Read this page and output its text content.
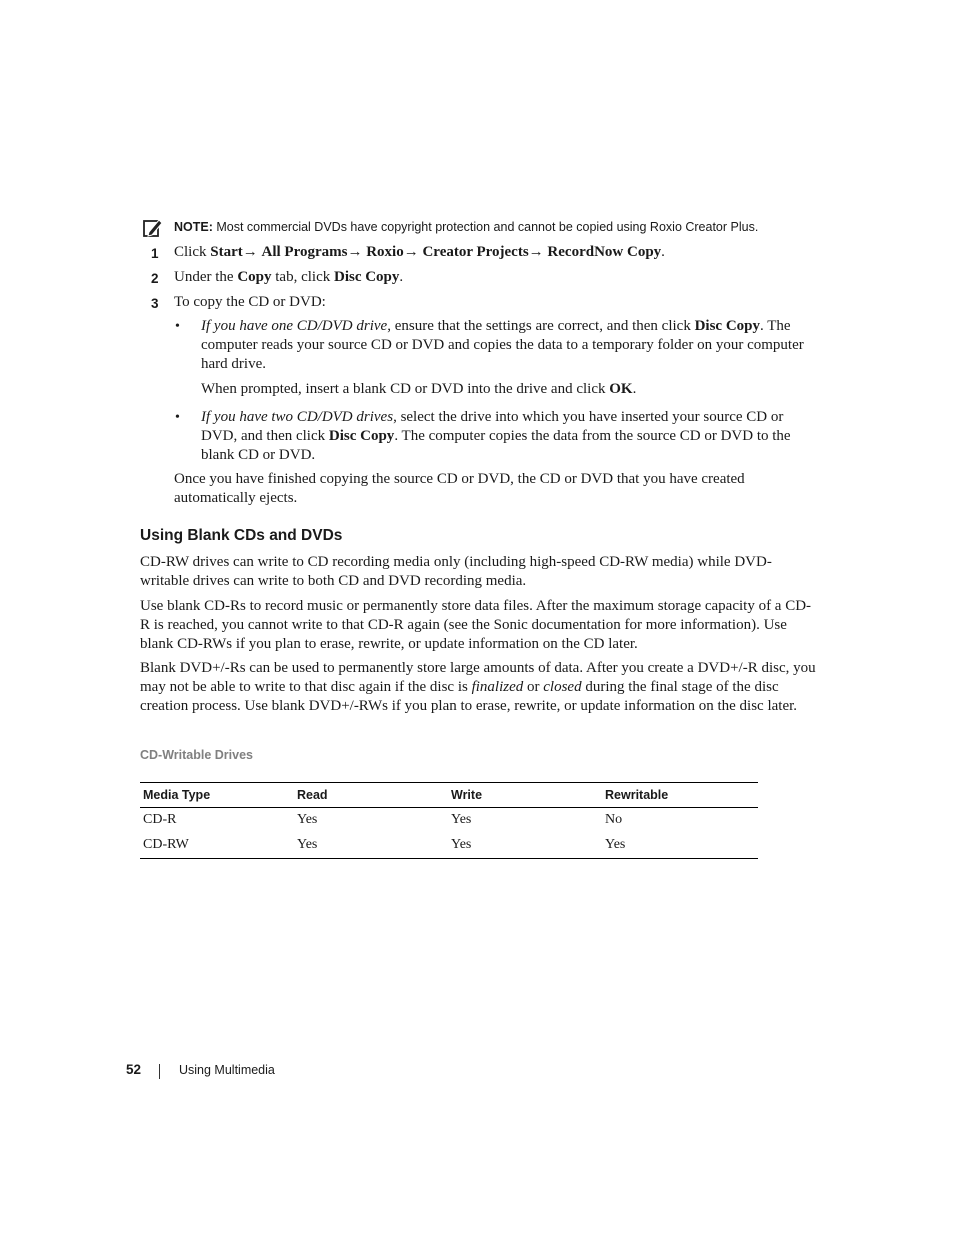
NOTE: Most commercial DVDs have copyright protection and cannot be copied using Roxio Creator Plus.
1 Click Start→ All Programs→ Roxio→ Creator Projects→ RecordNow Copy.
2 Under the Copy tab, click Disc Copy.
3 To copy the CD or DVD:
• If you have one CD/DVD drive, ensure that the settings are correct, and then click Disc Copy. The computer reads your source CD or DVD and copies the data to a temporary folder on your computer hard drive.
When prompted, insert a blank CD or DVD into the drive and click OK.
• If you have two CD/DVD drives, select the drive into which you have inserted your source CD or DVD, and then click Disc Copy. The computer copies the data from the source CD or DVD to the blank CD or DVD.
Once you have finished copying the source CD or DVD, the CD or DVD that you have created automatically ejects.
Using Blank CDs and DVDs
CD-RW drives can write to CD recording media only (including high-speed CD-RW media) while DVD-writable drives can write to both CD and DVD recording media.
Use blank CD-Rs to record music or permanently store data files. After the maximum storage capacity of a CD-R is reached, you cannot write to that CD-R again (see the Sonic documentation for more information). Use blank CD-RWs if you plan to erase, rewrite, or update information on the CD later.
Blank DVD+/-Rs can be used to permanently store large amounts of data. After you create a DVD+/-R disc, you may not be able to write to that disc again if the disc is finalized or closed during the final stage of the disc creation process. Use blank DVD+/-RWs if you plan to erase, rewrite, or update information on the disc later.
CD-Writable Drives
Media Type	Read	Write	Rewritable
CD-R	Yes	Yes	No
CD-RW	Yes	Yes	Yes
52	Using Multimedia
